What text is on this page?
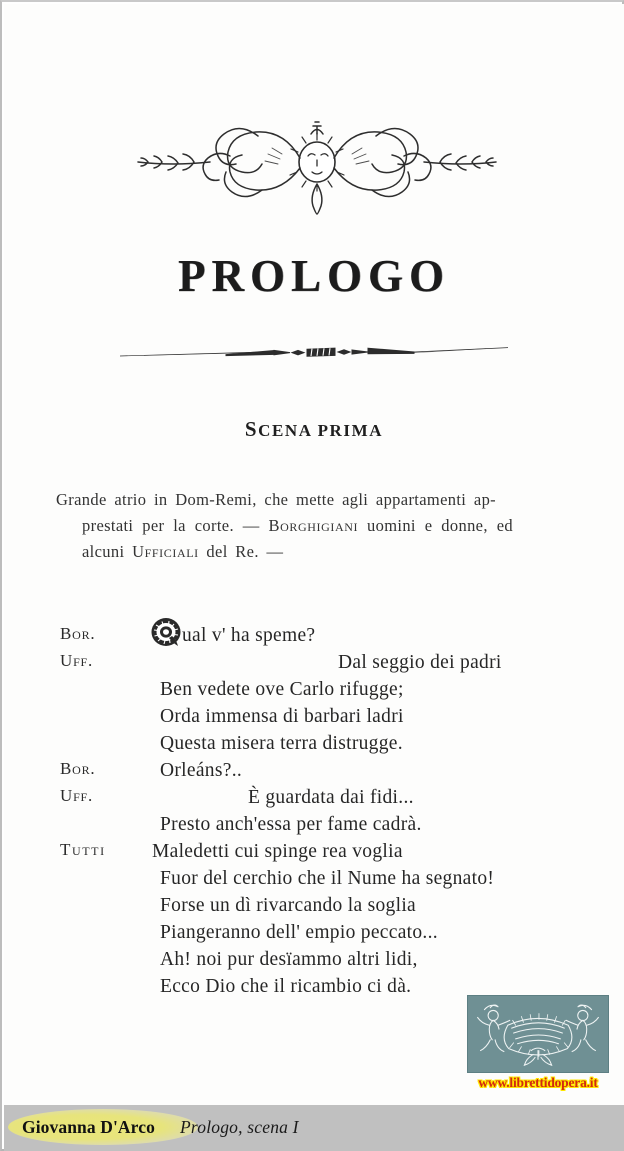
PROLOGO
SCENA PRIMA
Grande atrio in Dom-Remi, che mette agli appartamenti ap-
prestati per la corte. — Borghigiani uomini e donne, ed
alcuni Ufficiali del Re. —
Bor.	ual v' ha speme?
Uff.	Dal seggio dei padri
Ben vedete ove Carlo rifugge;
Orda immensa di barbari ladri
Questa misera terra distrugge.
Bor.	Orleáns?..
Uff.	È guardata dai fidi...
Presto anch'essa per fame cadrà.
Tutti	Maledetti cui spinge rea voglia
Fuor del cerchio che il Nume ha segnato!
Forse un dì rivarcando la soglia
Piangeranno dell' empio peccato...
Ah! noi pur desïammo altri lidi,
Ecco Dio che il ricambio ci dà.
www.librettidopera.it
Giovanna D'Arco Prologo, scena I
